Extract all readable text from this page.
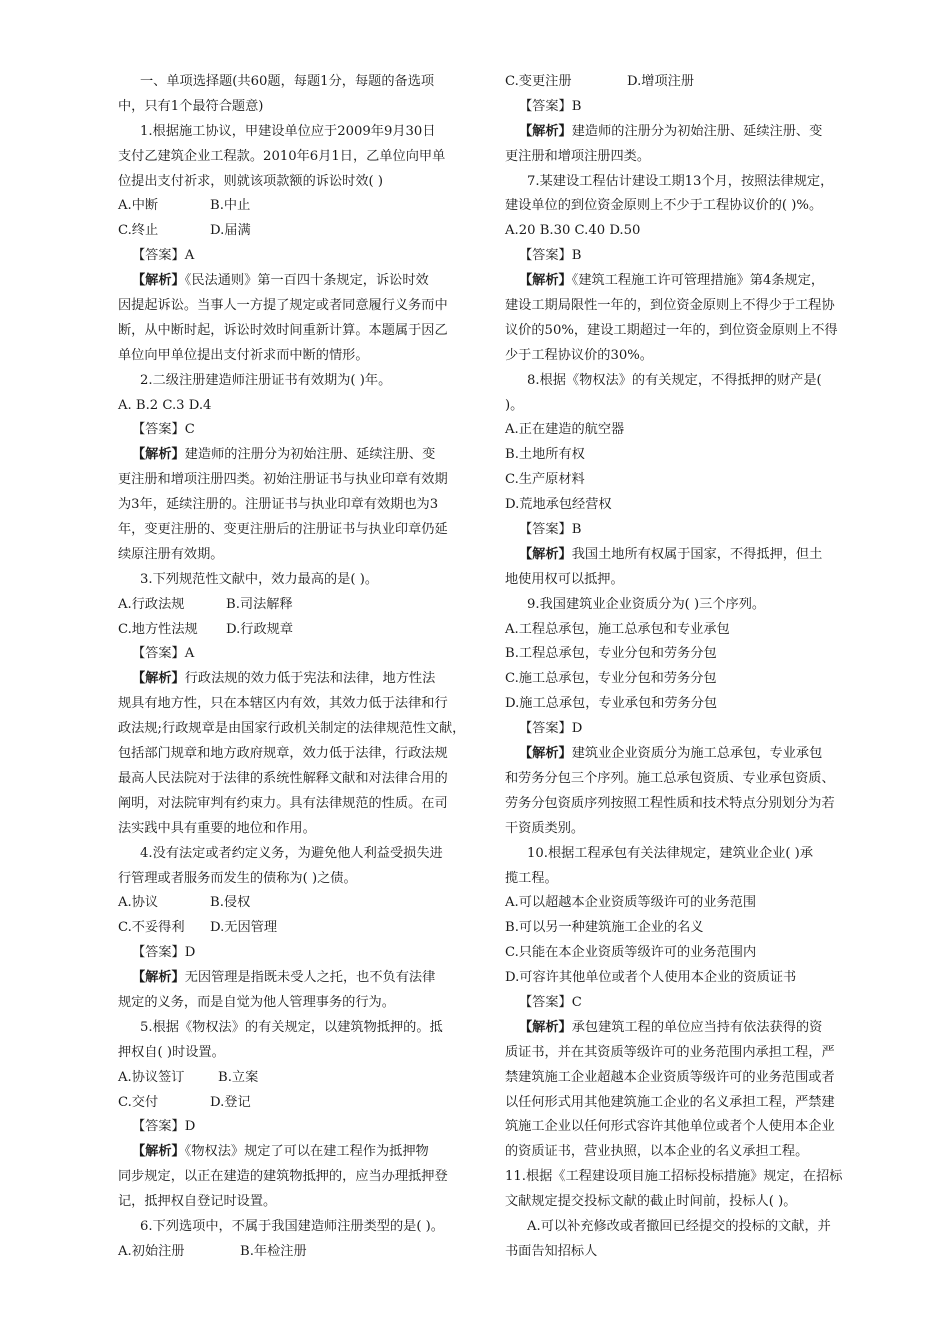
一、单项选择题(共60题，每题1分，每题的备选项
中，只有1个最符合题意)
1.根据施工协议，甲建设单位应于2009年9月30日
支付乙建筑企业工程款。2010年6月1日，乙单位向甲单
位提出支付祈求，则就该项款额的诉讼时效( )
A.中断	B.中止
C.终止	D.届满
【答案】A
【解析】《民法通则》第一百四十条规定，诉讼时效
因提起诉讼。当事人一方提了规定或者同意履行义务而中
断，从中断时起，诉讼时效时间重新计算。本题属于因乙
单位向甲单位提出支付祈求而中断的情形。
2.二级注册建造师注册证书有效期为( )年。
A. B.2 C.3 D.4
【答案】C
【解析】建造师的注册分为初始注册、延续注册、变
更注册和增项注册四类。初始注册证书与执业印章有效期
为3年，延续注册的。注册证书与执业印章有效期也为3
年，变更注册的、变更注册后的注册证书与执业印章仍延
续原注册有效期。
3.下列规范性文献中，效力最高的是( )。
A.行政法规	B.司法解释
C.地方性法规 D.行政规章
【答案】A
【解析】行政法规的效力低于宪法和法律，地方性法
规具有地方性，只在本辖区内有效，其效力低于法律和行
政法规;行政规章是由国家行政机关制定的法律规范性文献，
包括部门规章和地方政府规章，效力低于法律，行政法规
最高人民法院对于法律的系统性解释文献和对法律合用的
阐明，对法院审判有约束力。具有法律规范的性质。在司
法实践中具有重要的地位和作用。
4.没有法定或者约定义务，为避免他人利益受损失进
行管理或者服务而发生的债称为( )之债。
A.协议	B.侵权
C.不妥得利 D.无因管理
【答案】D
【解析】无因管理是指既未受人之托，也不负有法律
规定的义务，而是自觉为他人管理事务的行为。
5.根据《物权法》的有关规定，以建筑物抵押的。抵
押权自( )时设置。
A.协议签订	B.立案
C.交付	D.登记
【答案】D
【解析】《物权法》规定了可以在建工程作为抵押物
同步规定，以正在建造的建筑物抵押的，应当办理抵押登
记，抵押权自登记时设置。
6.下列选项中，不属于我国建造师注册类型的是( )。
A.初始注册	B.年检注册
C.变更注册	D.增项注册
【答案】B
【解析】建造师的注册分为初始注册、延续注册、变
更注册和增项注册四类。
7.某建设工程估计建设工期13个月，按照法律规定，
建设单位的到位资金原则上不少于工程协议价的( )%。
A.20 B.30 C.40 D.50
【答案】B
【解析】《建筑工程施工许可管理措施》第4条规定，
建设工期局限性一年的，到位资金原则上不得少于工程协
议价的50%，建设工期超过一年的，到位资金原则上不得
少于工程协议价的30%。
8.根据《物权法》的有关规定，不得抵押的财产是(
)。
A.正在建造的航空器
B.土地所有权
C.生产原材料
D.荒地承包经营权
【答案】B
【解析】我国土地所有权属于国家，不得抵押，但土
地使用权可以抵押。
9.我国建筑业企业资质分为( )三个序列。
A.工程总承包，施工总承包和专业承包
B.工程总承包，专业分包和劳务分包
C.施工总承包，专业分包和劳务分包
D.施工总承包，专业承包和劳务分包
【答案】D
【解析】建筑业企业资质分为施工总承包，专业承包
和劳务分包三个序列。施工总承包资质、专业承包资质、
劳务分包资质序列按照工程性质和技术特点分别划分为若
干资质类别。
10.根据工程承包有关法律规定，建筑业企业( )承
揽工程。
A.可以超越本企业资质等级许可的业务范围
B.可以另一种建筑施工企业的名义
C.只能在本企业资质等级许可的业务范围内
D.可容许其他单位或者个人使用本企业的资质证书
【答案】C
【解析】承包建筑工程的单位应当持有依法获得的资
质证书，并在其资质等级许可的业务范围内承担工程，严
禁建筑施工企业超越本企业资质等级许可的业务范围或者
以任何形式用其他建筑施工企业的名义承担工程，严禁建
筑施工企业以任何形式容许其他单位或者个人使用本企业
的资质证书，营业执照，以本企业的名义承担工程。
11.根据《工程建设项目施工招标投标措施》规定，在招标
文献规定提交投标文献的截止时间前，投标人( )。
A.可以补充修改或者撤回已经提交的投标的文献，并
书面告知招标人
